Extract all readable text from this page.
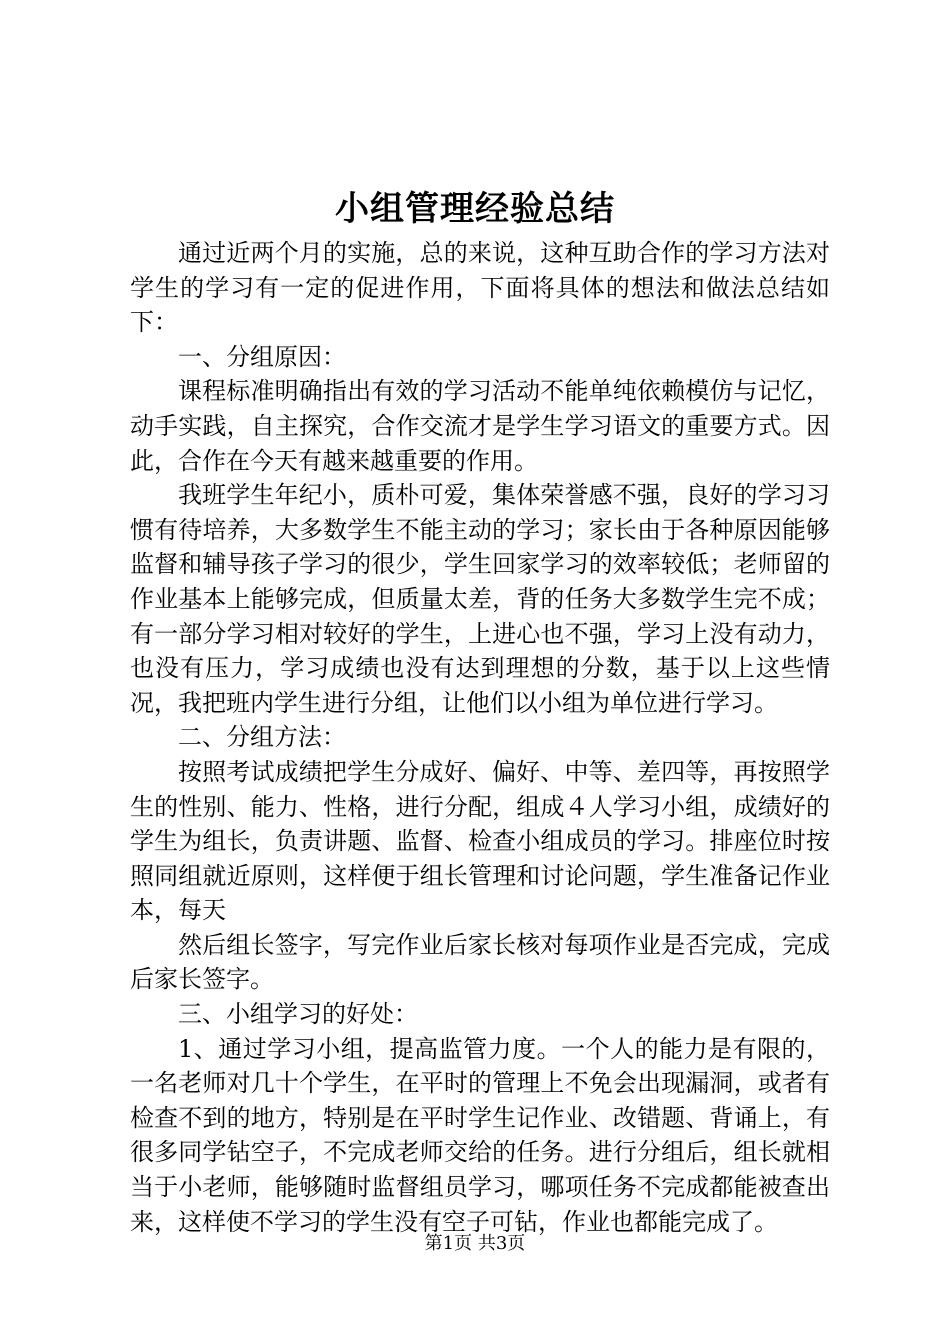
小组管理经验总结

通过近两个月的实施，总的来说，这种互助合作的学习方法对学生的学习有一定的促进作用，下面将具体的想法和做法总结如下：

一、分组原因：

课程标准明确指出有效的学习活动不能单纯依赖模仿与记忆，动手实践，自主探究，合作交流才是学生学习语文的重要方式。因此，合作在今天有越来越重要的作用。

我班学生年纪小，质朴可爱，集体荣誉感不强，良好的学习习惯有待培养，大多数学生不能主动的学习；家长由于各种原因能够监督和辅导孩子学习的很少，学生回家学习的效率较低；老师留的作业基本上能够完成，但质量太差，背的任务大多数学生完不成；有一部分学习相对较好的学生，上进心也不强，学习上没有动力，也没有压力，学习成绩也没有达到理想的分数，基于以上这些情况，我把班内学生进行分组，让他们以小组为单位进行学习。

二、分组方法：

按照考试成绩把学生分成好、偏好、中等、差四等，再按照学生的性别、能力、性格，进行分配，组成４人学习小组，成绩好的学生为组长，负责讲题、监督、检查小组成员的学习。排座位时按照同组就近原则，这样便于组长管理和讨论问题，学生准备记作业本，每天

然后组长签字，写完作业后家长核对每项作业是否完成，完成后家长签字。

三、小组学习的好处：

1、通过学习小组，提高监管力度。一个人的能力是有限的，一名老师对几十个学生，在平时的管理上不免会出现漏洞，或者有检查不到的地方，特别是在平时学生记作业、改错题、背诵上，有很多同学钻空子，不完成老师交给的任务。进行分组后，组长就相当于小老师，能够随时监督组员学习，哪项任务不完成都能被查出来，这样使不学习的学生没有空子可钻，作业也都能完成了。

第1页 共3页
